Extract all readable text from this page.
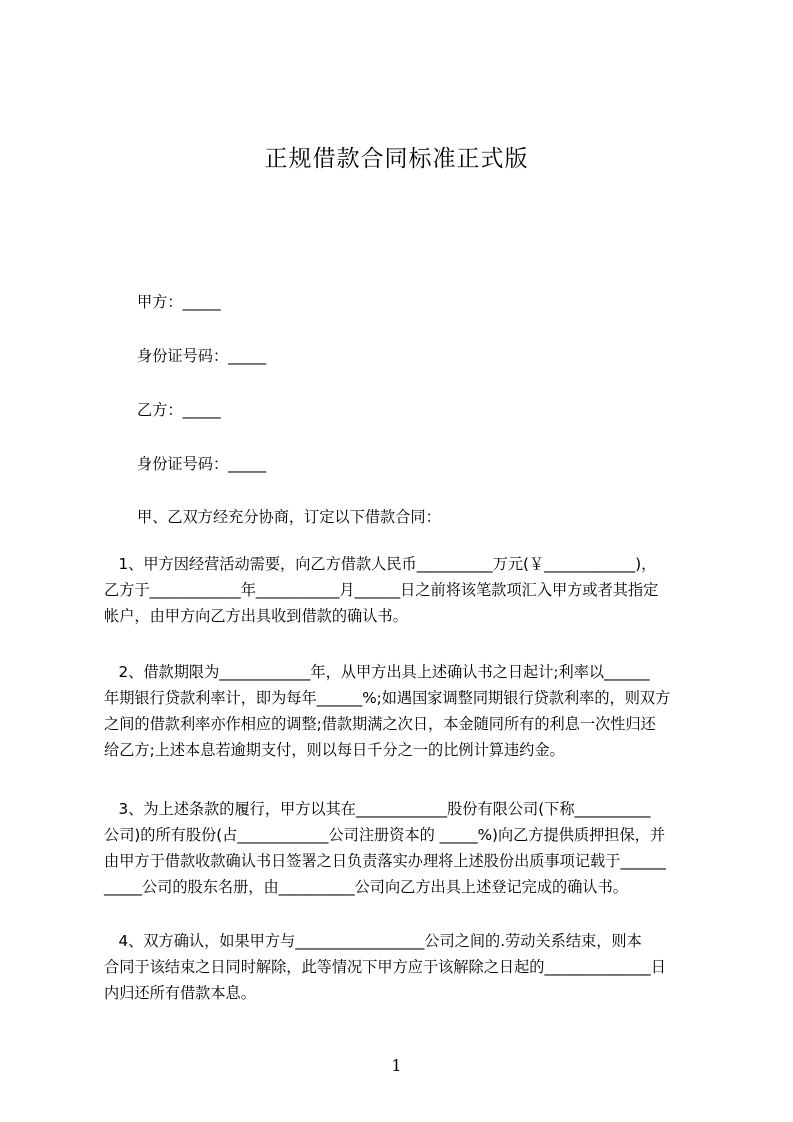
正规借款合同标准正式版
甲方：_____
身份证号码：_____
乙方：_____
身份证号码：_____
甲、乙双方经充分协商，订定以下借款合同：
1、甲方因经营活动需要，向乙方借款人民币__________万元(￥____________)，
乙方于____________年___________月______日之前将该笔款项汇入甲方或者其指定
帐户，由甲方向乙方出具收到借款的确认书。
2、借款期限为____________年，从甲方出具上述确认书之日起计;利率以______
年期银行贷款利率计，即为每年______%;如遇国家调整同期银行贷款利率的，则双方
之间的借款利率亦作相应的调整;借款期满之次日，本金随同所有的利息一次性归还
给乙方;上述本息若逾期支付，则以每日千分之一的比例计算违约金。
3、为上述条款的履行，甲方以其在____________股份有限公司(下称__________
公司)的所有股份(占____________公司注册资本的 _____%)向乙方提供质押担保，并
由甲方于借款收款确认书日签署之日负责落实办理将上述股份出质事项记载于______
_____公司的股东名册，由__________公司向乙方出具上述登记完成的确认书。
4、双方确认，如果甲方与_________________公司之间的.劳动关系结束，则本
合同于该结束之日同时解除，此等情况下甲方应于该解除之日起的______________日
内归还所有借款本息。
1
